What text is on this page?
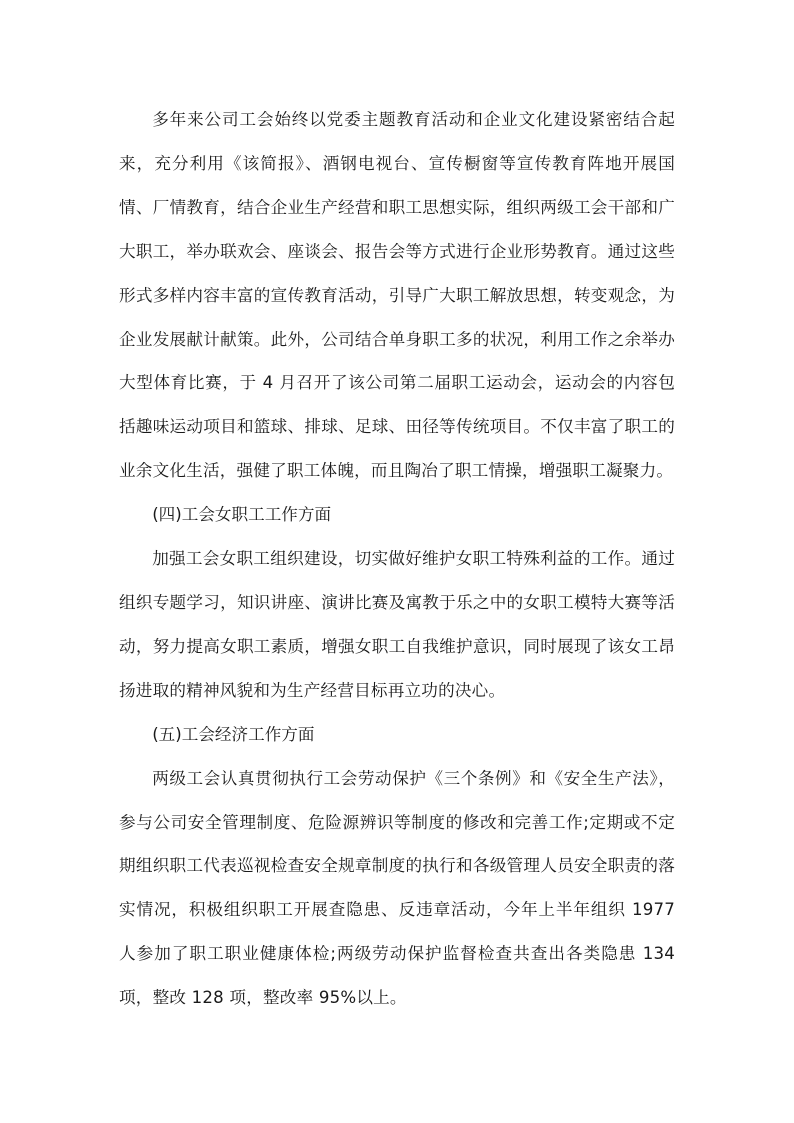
多年来公司工会始终以党委主题教育活动和企业文化建设紧密结合起来，充分利用《该简报》、酒钢电视台、宣传橱窗等宣传教育阵地开展国情、厂情教育，结合企业生产经营和职工思想实际，组织两级工会干部和广大职工，举办联欢会、座谈会、报告会等方式进行企业形势教育。通过这些形式多样内容丰富的宣传教育活动，引导广大职工解放思想，转变观念，为企业发展献计献策。此外，公司结合单身职工多的状况，利用工作之余举办大型体育比赛，于 4 月召开了该公司第二届职工运动会，运动会的内容包括趣味运动项目和篮球、排球、足球、田径等传统项目。不仅丰富了职工的业余文化生活，强健了职工体魄，而且陶冶了职工情操，增强职工凝聚力。

(四)工会女职工工作方面

加强工会女职工组织建设，切实做好维护女职工特殊利益的工作。通过组织专题学习，知识讲座、演讲比赛及寓教于乐之中的女职工模特大赛等活动，努力提高女职工素质，增强女职工自我维护意识，同时展现了该女工昂扬进取的精神风貌和为生产经营目标再立功的决心。

(五)工会经济工作方面

两级工会认真贯彻执行工会劳动保护《三个条例》和《安全生产法》，参与公司安全管理制度、危险源辨识等制度的修改和完善工作;定期或不定期组织职工代表巡视检查安全规章制度的执行和各级管理人员安全职责的落实情况，积极组织职工开展查隐患、反违章活动，今年上半年组织 1977 人参加了职工职业健康体检;两级劳动保护监督检查共查出各类隐患 134 项，整改 128 项，整改率 95%以上。
